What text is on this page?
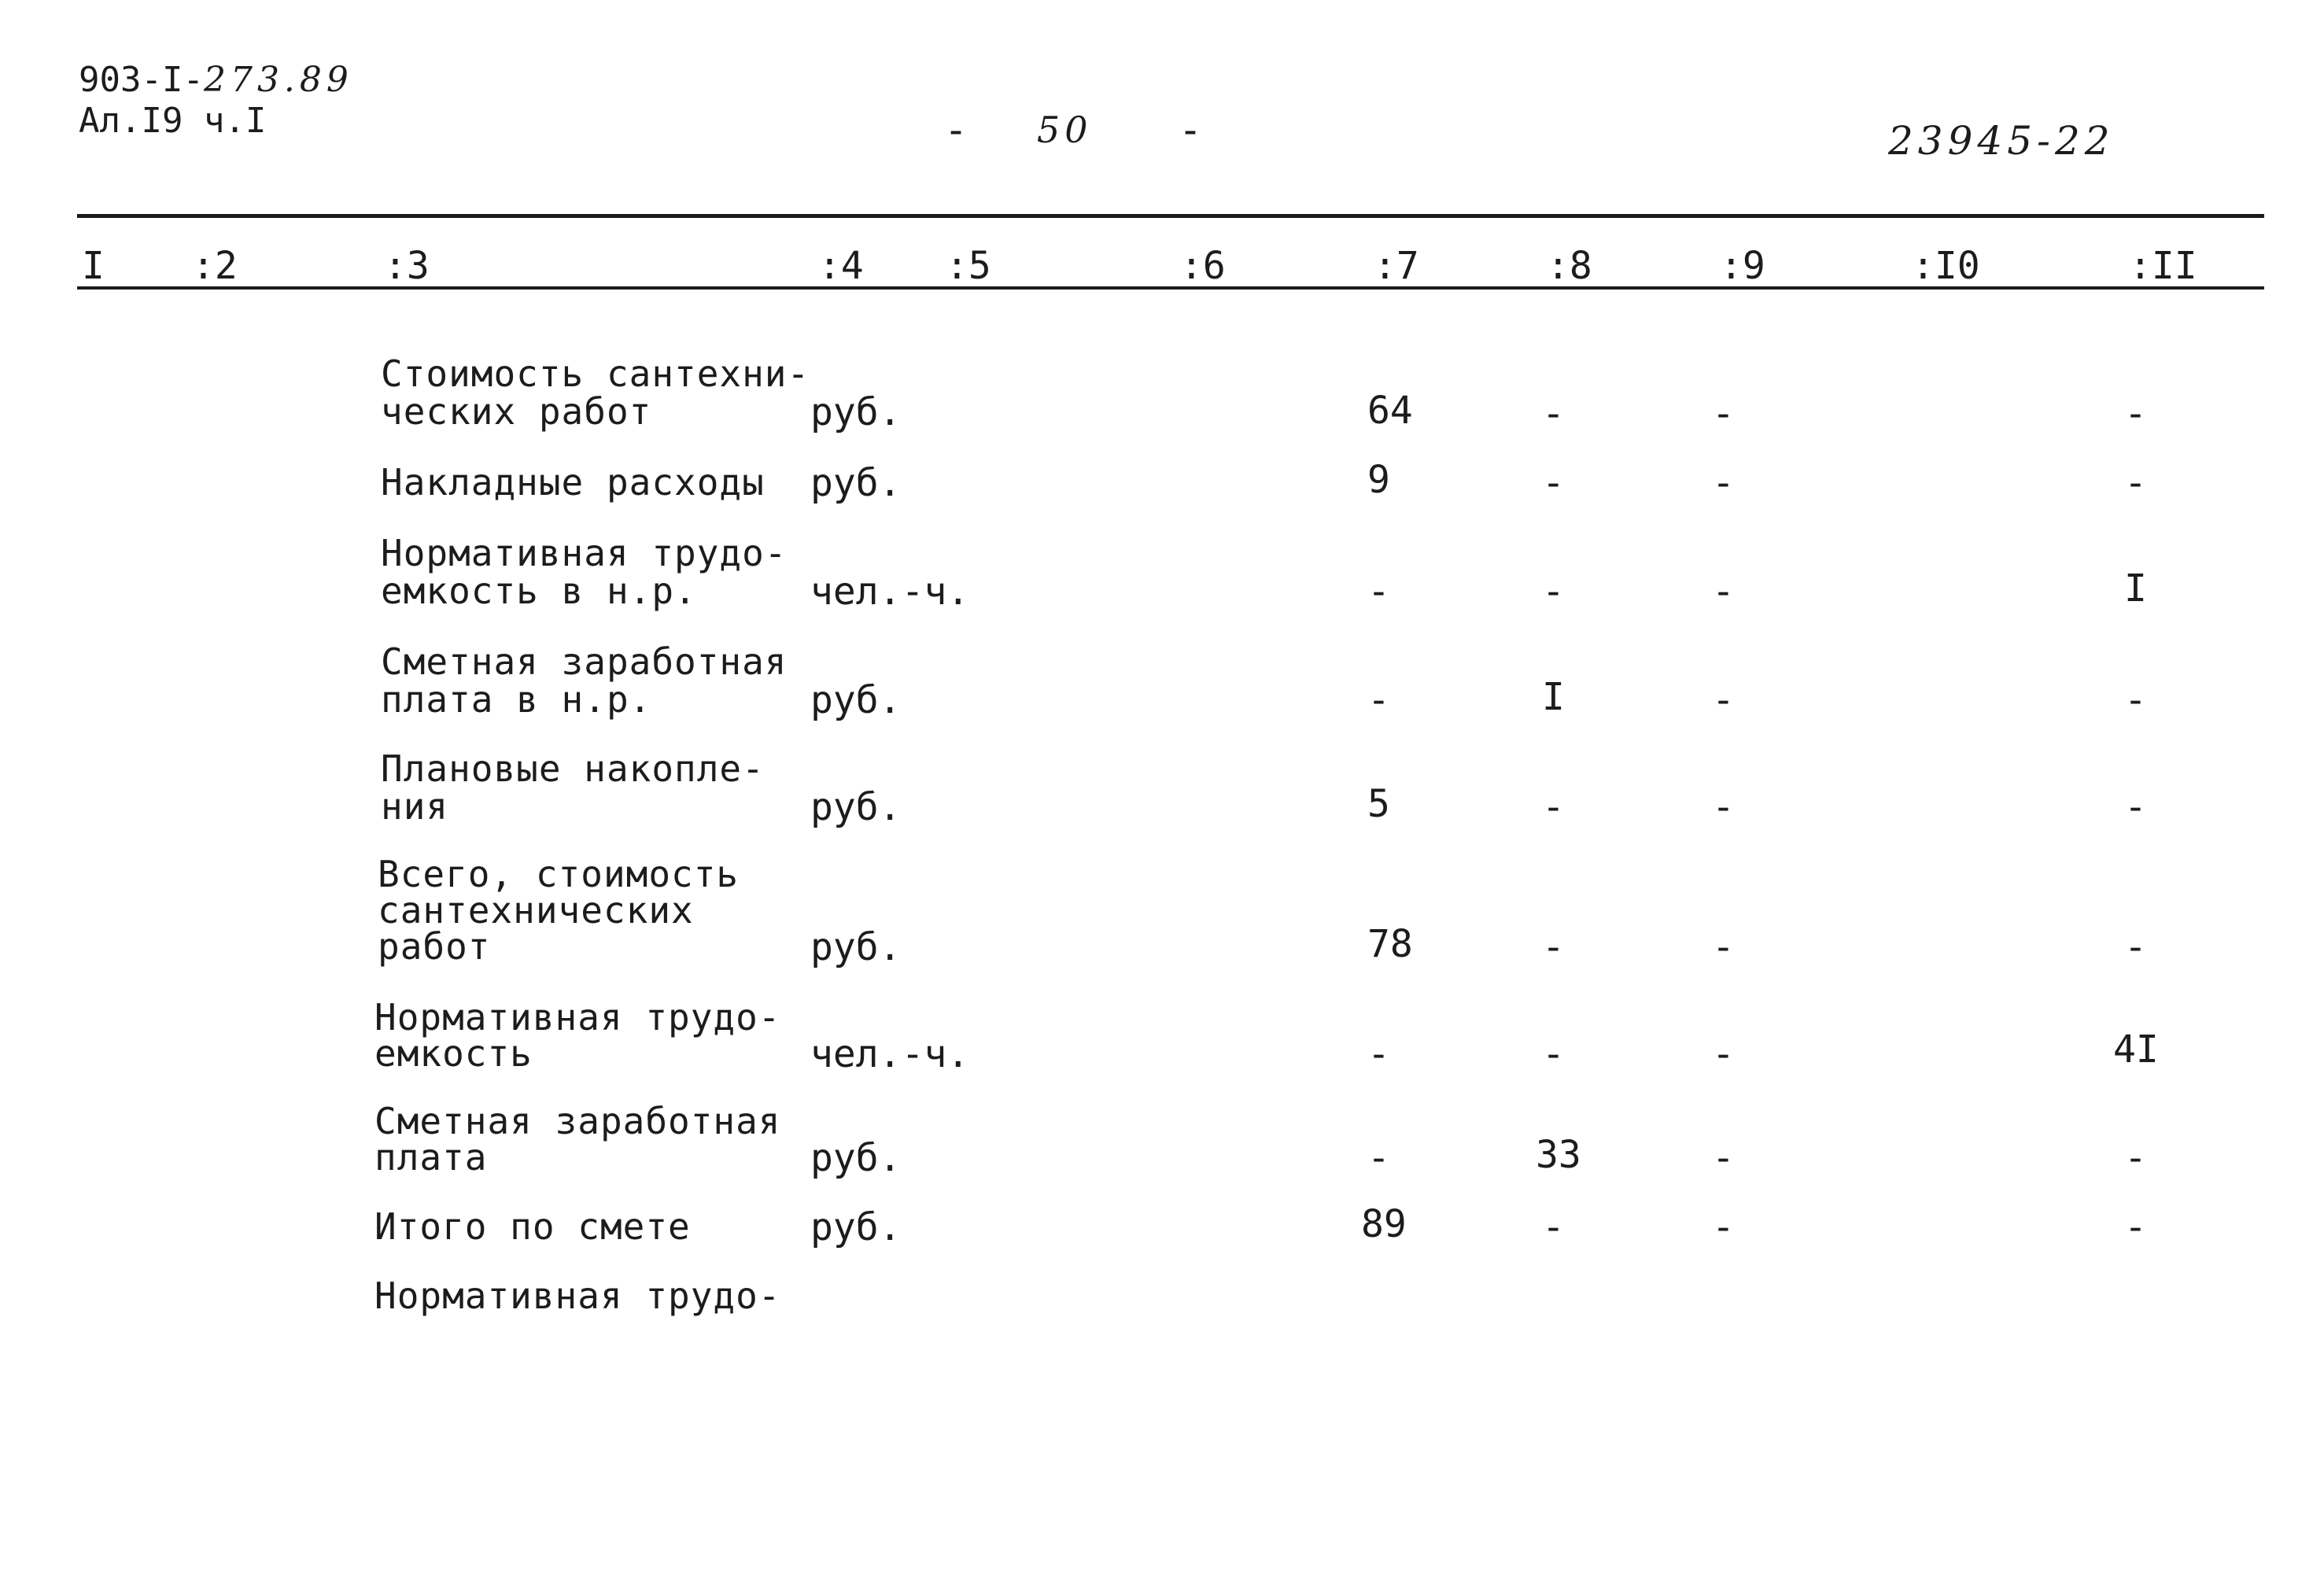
903-I-273.89
Ал.I9 ч.I	- 50 -	23945-22
I :2	:3	:4 :5	:6	:7	:8	:9	:I0	:II
Стоимость сантехни-
ческих работ	руб.	64	-	-	-
Накладные расходы руб.	9	-	-	-
Нормативная трудо-
емкость в н.р.	чел.-ч.	-	-	-	I
Сметная заработная
плата в н.р.	руб.	-	I	-	-
Плановые накопле-
ния	руб.	5	-	-	-
Всего, стоимость
сантехнических
работ	руб.	78	-	-	-
Нормативная трудо-
емкость	чел.-ч.	-	-	-	4I
Сметная заработная
плата	руб.	-	33	-	-
Итого по смете	руб.	89	-	-	-
Нормативная трудо-
